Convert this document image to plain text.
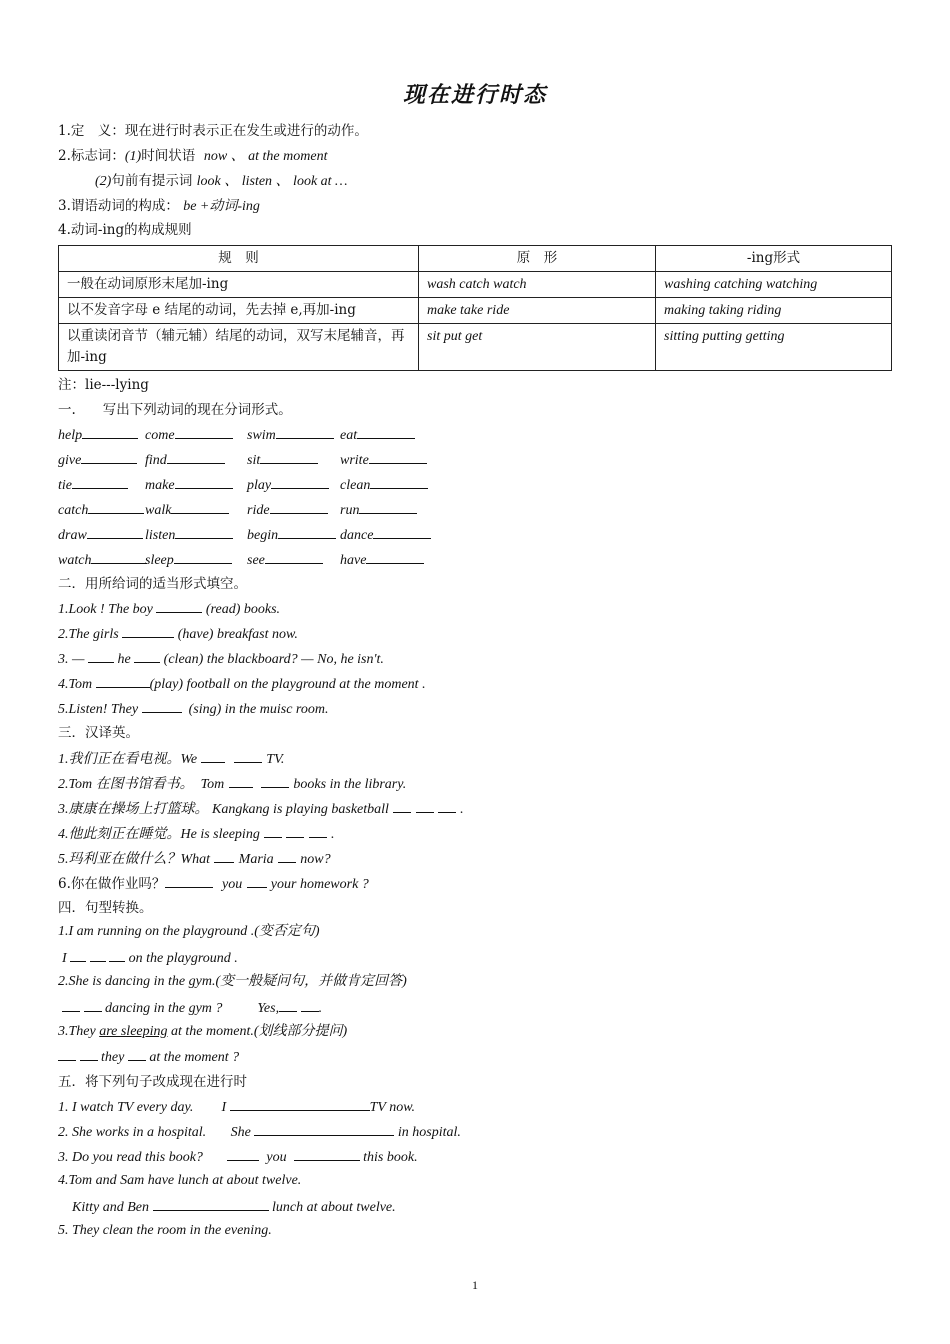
现在进行时态
1.定　义：现在进行时表示正在发生或进行的动作。
2.标志词：(1)时间状语 now 、 at the moment
(2)句前有提示词 look 、 listen 、 look at …
3.谓语动词的构成： be +动词-ing
4.动词-ing的构成规则
规　则	原　形	-ing形式
一般在动词原形末尾加-ing	wash catch watch	washing catching watching
以不发音字母 e 结尾的动词，先去掉 e,再加-ing	make take ride	making taking riding
以重读闭音节（辅元辅）结尾的动词，双写末尾辅音，再加-ing	sit put get	sitting putting getting
注：lie---lying
一.　　写出下列动词的现在分词形式。
help	come	swim	eat
give	find	sit	write
tie	make	play	clean
catch	walk	ride	run
draw	listen	begin	dance
watch	sleep	see	have
二．用所给词的适当形式填空。
1.Look ! The boy	(read) books.
2.The girls	(have) breakfast now.
3. — he (clean) the blackboard? — No, he isn't.
4.Tom	(play) football on the playground at the moment .
5.Listen! They	(sing) in the muisc room.
三．汉译英。
1.我们正在看电视。We	TV.
2.Tom 在图书馆看书。　Tom	books in the library.
3.康康在操场上打篮球。 Kangkang is playing basketball	.
4.他此刻正在睡觉。He is sleeping	.
5.玛利亚在做什么？What Maria now?
6.你在做作业吗？	you your homework ?
四．句型转换。
1.I am running on the playground .(变否定句)
I	on the playground .
2.She is dancing in the gym.(变一般疑问句，并做肯定回答)
dancing in the gym ?	Yes,	.
3.They are sleeping at the moment.(划线部分提问)
they at the moment ?
五．将下列句子改成现在进行时
1. I watch TV every day. I	TV now.
2. She works in a hospital. She	in hospital.
3. Do you read this book?	you	this book.
4.Tom and Sam have lunch at about twelve.
Kitty and Ben	lunch at about twelve.
5. They clean the room in the evening.
1
